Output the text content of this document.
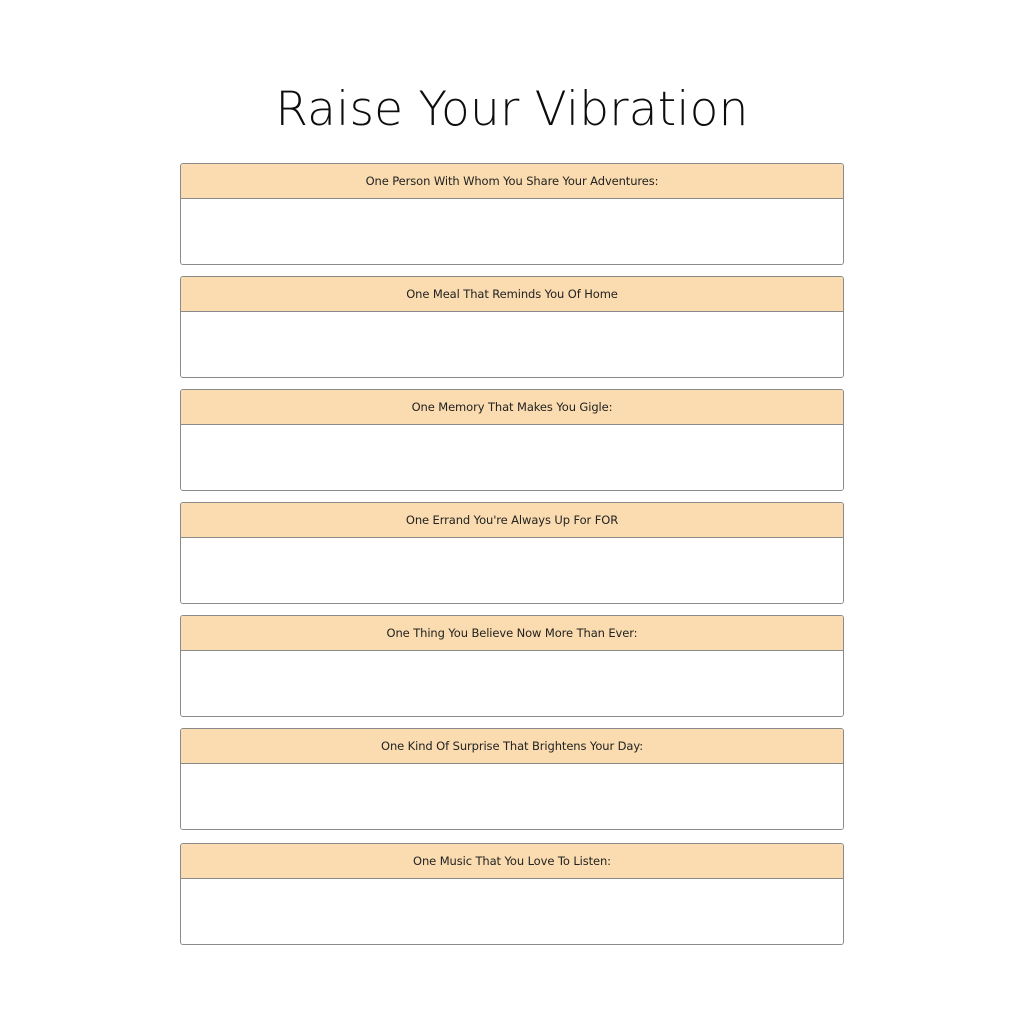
Raise Your Vibration
One Person With Whom You Share Your Adventures:
One Meal That Reminds You Of Home
One Memory That Makes You Gigle:
One Errand You're Always Up For FOR
One Thing You Believe Now More Than Ever:
One Kind Of Surprise That Brightens Your Day:
One Music That You Love To Listen:
